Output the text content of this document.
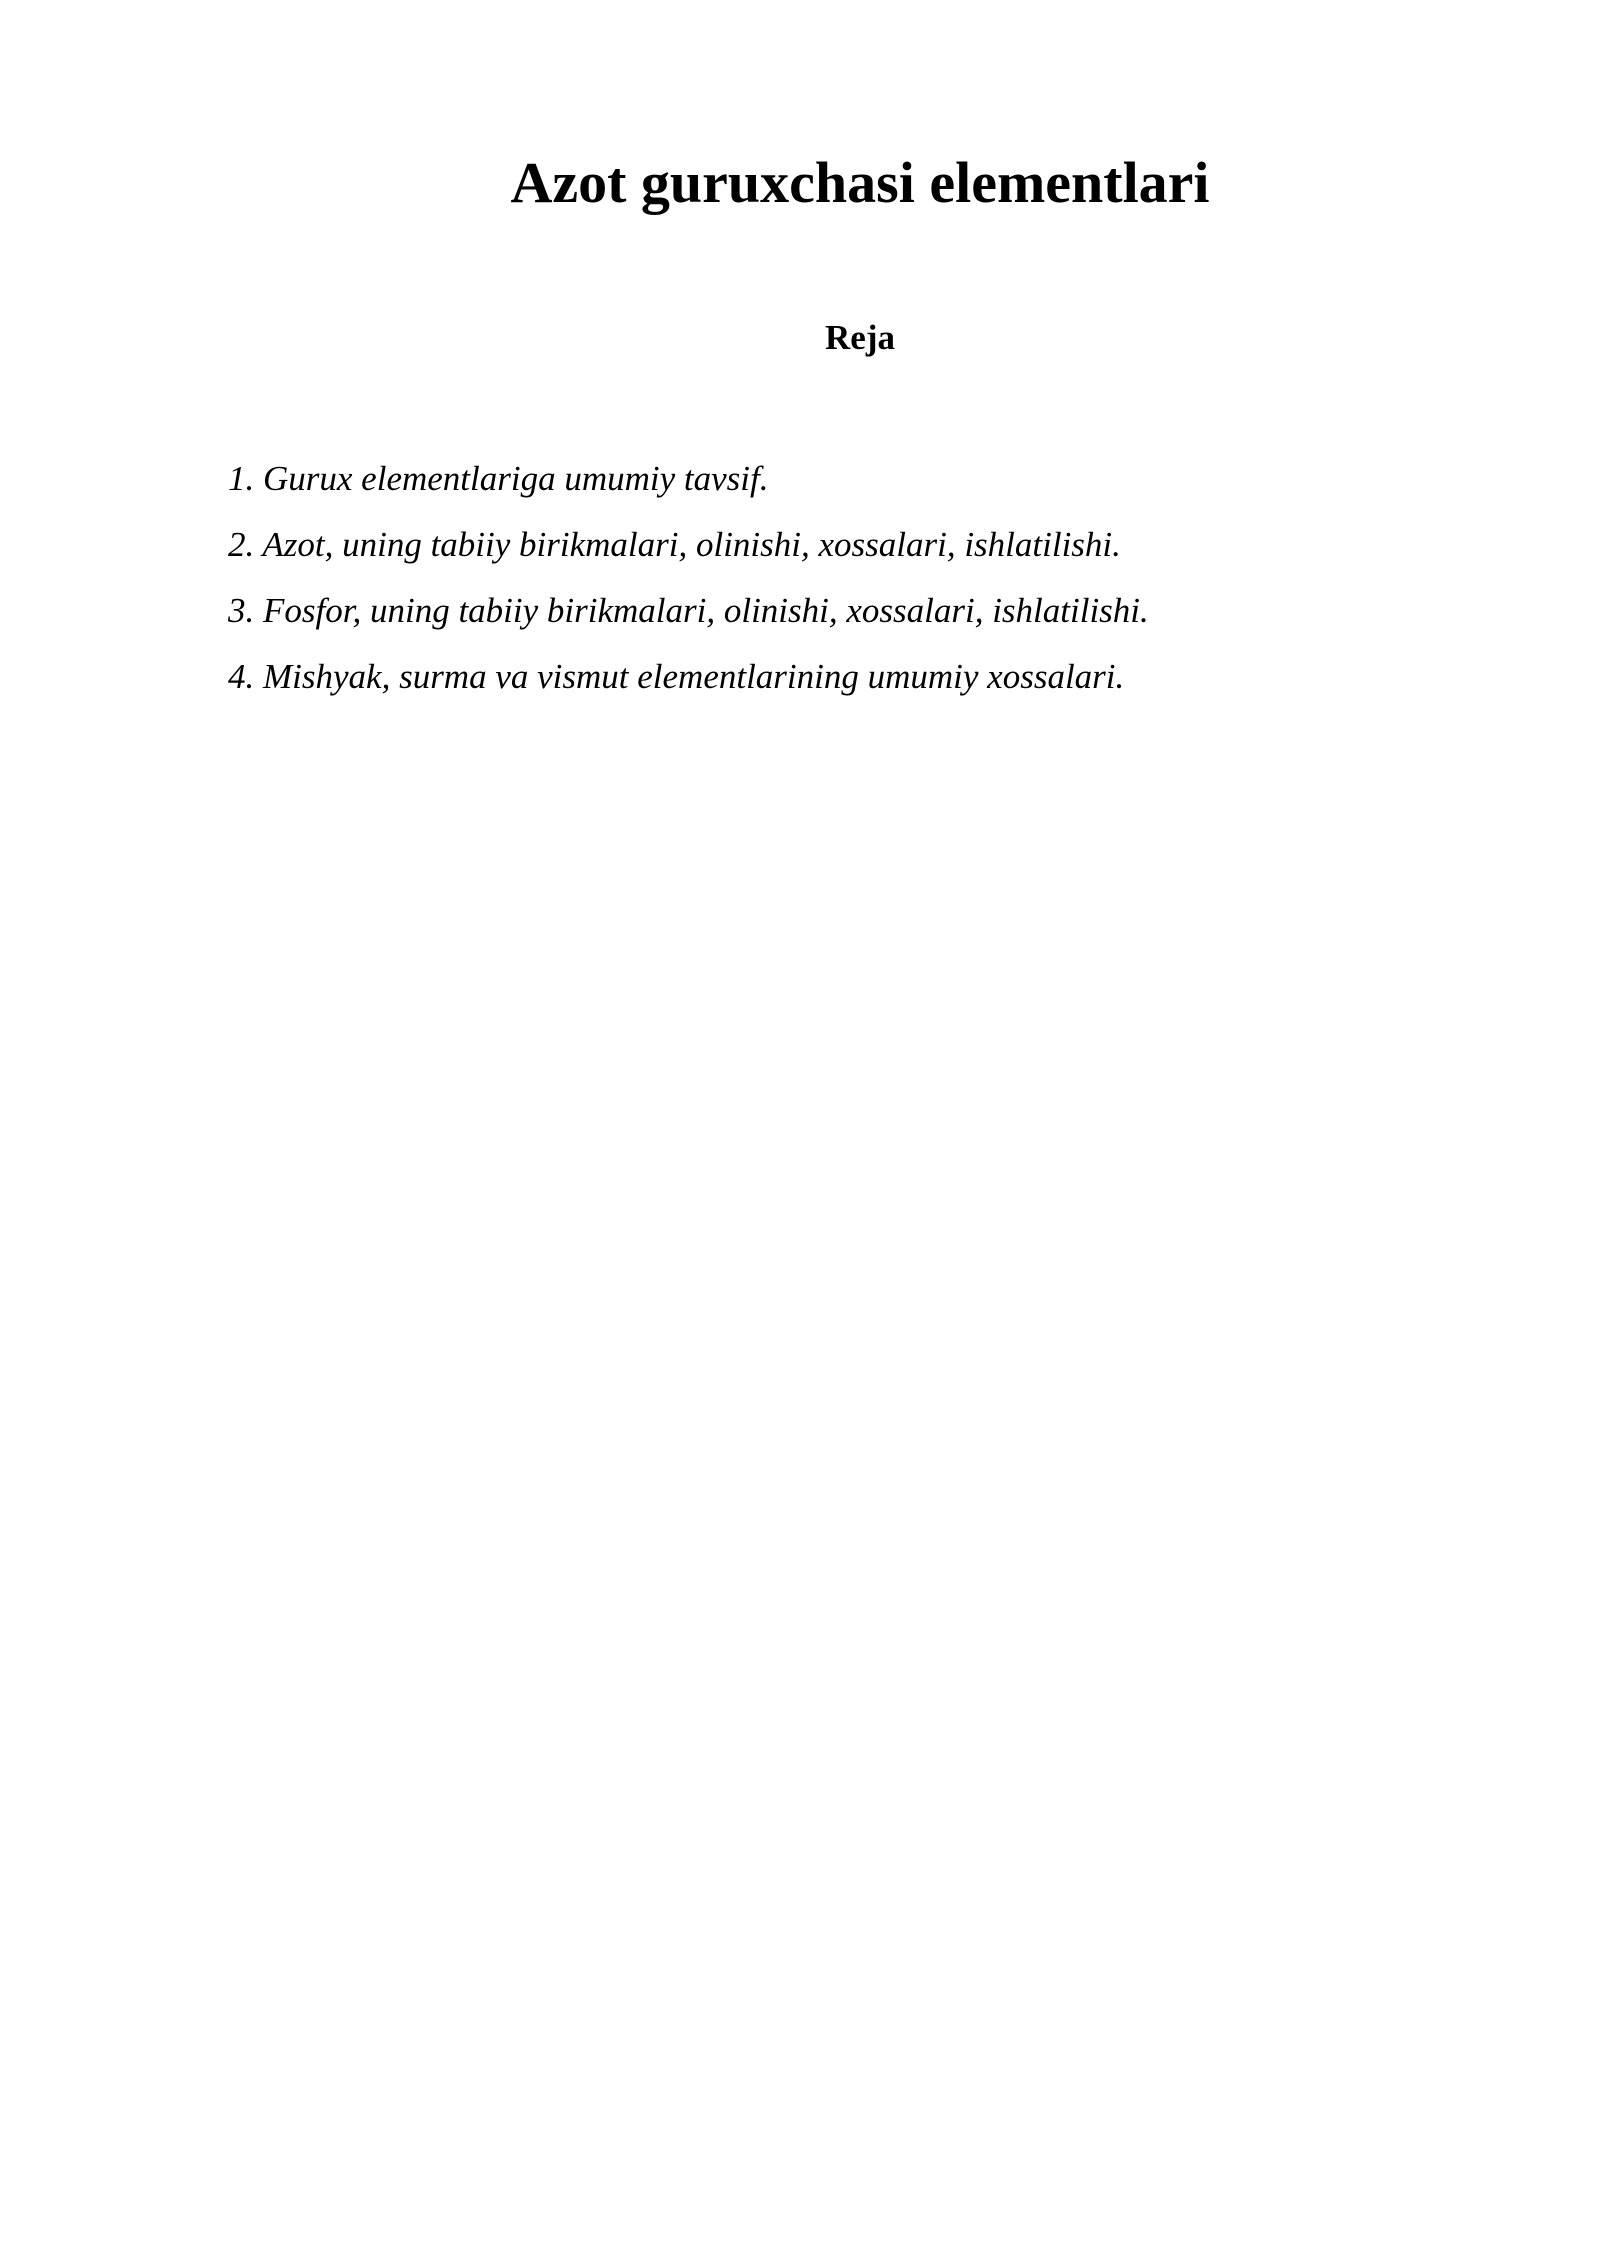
Azot guruxchasi elementlari
Reja
1. Gurux elementlariga umumiy tavsif.
2. Azot, uning tabiiy birikmalari, olinishi, xossalari, ishlatilishi.
3. Fosfor, uning tabiiy birikmalari, olinishi, xossalari, ishlatilishi.
4. Mishyak, surma va vismut elementlarining umumiy xossalari.
